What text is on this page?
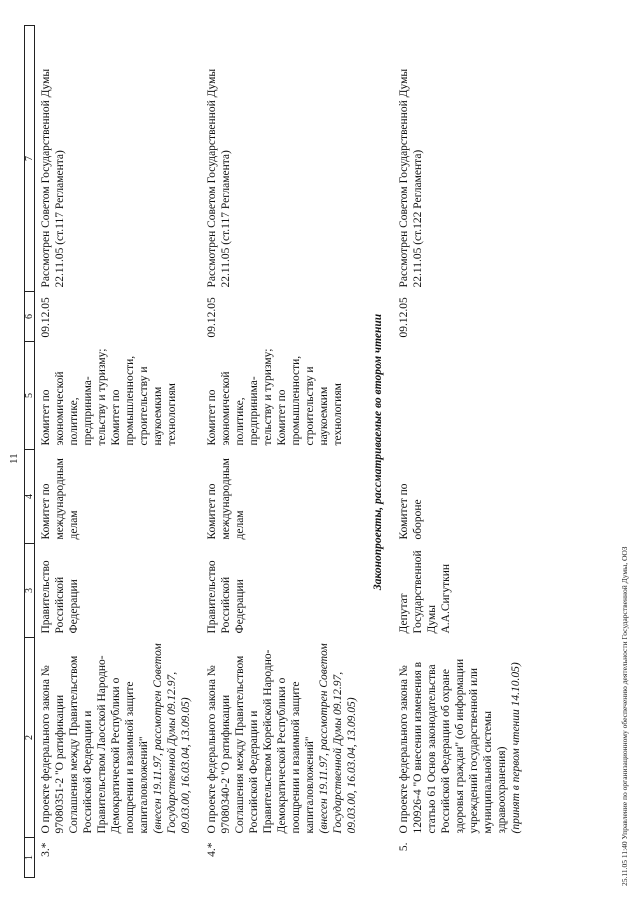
11
1	2	3	4	5	6	7
3.*	О проекте федерального закона № 97080351-2 "О ратификации Соглашения между Правительством Российской Федерации и Правительством Лаосской Народно-Демократической Республики о поощрении и взаимной защите капиталовложений" (внесен 19.11.97, рассмотрен Советом Государственной Думы 09.12.97, 09.03.00, 16.03.04, 13.09.05)	Правительство Российской Федерации	Комитет по международным делам	Комитет по экономической политике, предпринима-тельству и туризму; Комитет по промышленности, строительству и наукоемким технологиям	09.12.05	Рассмотрен Советом Государственной Думы 22.11.05 (ст.117 Регламента)
4.*	О проекте федерального закона № 97080340-2 "О ратификации Соглашения между Правительством Российской Федерации и Правительством Корейской Народно-Демократической Республики о поощрении и взаимной защите капиталовложений" (внесен 19.11.97, рассмотрен Советом Государственной Думы 09.12.97, 09.03.00, 16.03.04, 13.09.05)	Правительство Российской Федерации	Комитет по международным делам	Комитет по экономической политике, предпринима-тельству и туризму; Комитет по промышленности, строительству и наукоемким технологиям	09.12.05	Рассмотрен Советом Государственной Думы 22.11.05 (ст.117 Регламента)
Законопроекты, рассматриваемые во втором чтении						
5.	О проекте федерального закона № 120926-4 "О внесении изменения в статью 61 Основ законодательства Российской Федерации об охране здоровья граждан" (об информации учреждений государственной или муниципальной системы здравоохранения) (принят в первом чтении 14.10.05)	Депутат Государственной Думы А.А.Сигуткин	Комитет по обороне		09.12.05	Рассмотрен Советом Государственной Думы 22.11.05 (ст.122 Регламента)
25.11.05 11:40 Управление по организационному обеспечению деятельности Государственной Думы, ООЗ
